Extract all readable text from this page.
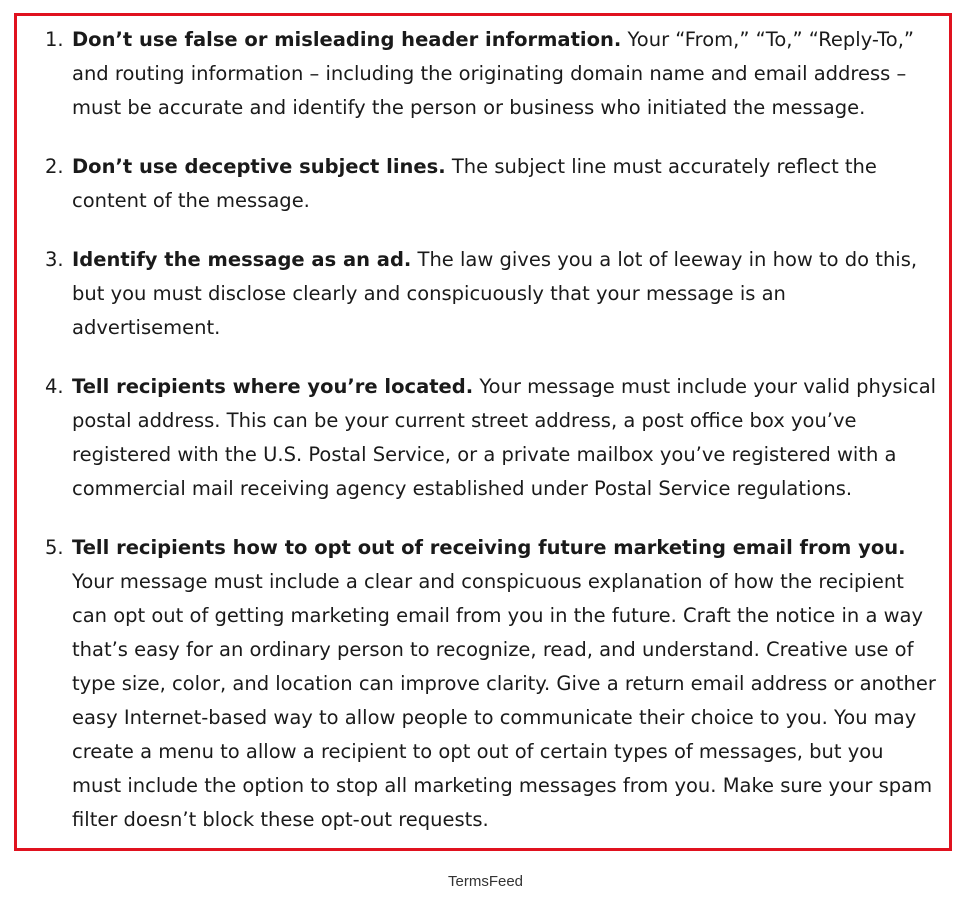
1. Don’t use false or misleading header information. Your “From,” “To,” “Reply-To,” and routing information – including the originating domain name and email address – must be accurate and identify the person or business who initiated the message.
2. Don’t use deceptive subject lines. The subject line must accurately reflect the content of the message.
3. Identify the message as an ad. The law gives you a lot of leeway in how to do this, but you must disclose clearly and conspicuously that your message is an advertisement.
4. Tell recipients where you’re located. Your message must include your valid physical postal address. This can be your current street address, a post office box you’ve registered with the U.S. Postal Service, or a private mailbox you’ve registered with a commercial mail receiving agency established under Postal Service regulations.
5. Tell recipients how to opt out of receiving future marketing email from you. Your message must include a clear and conspicuous explanation of how the recipient can opt out of getting marketing email from you in the future. Craft the notice in a way that’s easy for an ordinary person to recognize, read, and understand. Creative use of type size, color, and location can improve clarity. Give a return email address or another easy Internet-based way to allow people to communicate their choice to you. You may create a menu to allow a recipient to opt out of certain types of messages, but you must include the option to stop all marketing messages from you. Make sure your spam filter doesn’t block these opt-out requests.
TermsFeed
